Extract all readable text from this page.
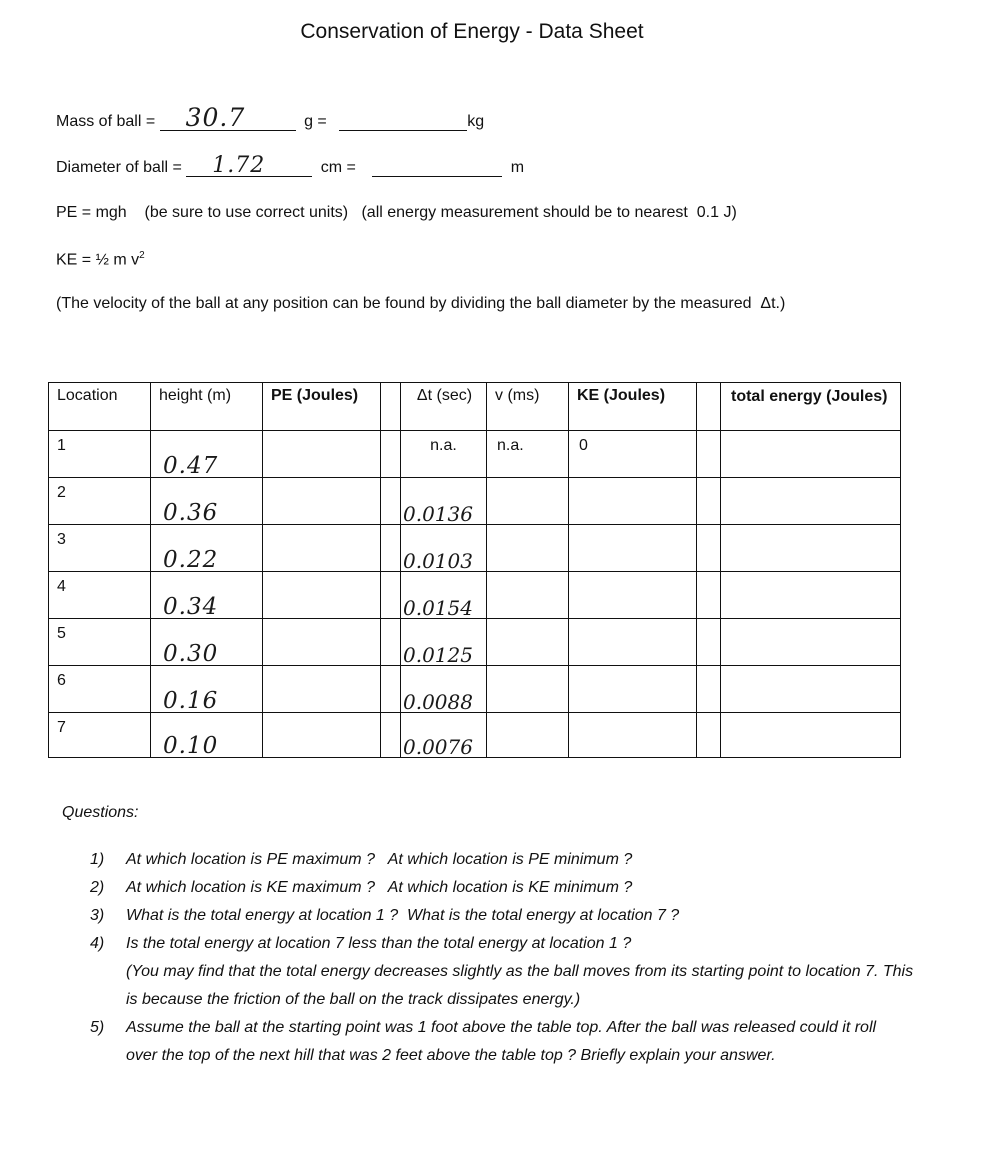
Conservation of Energy - Data Sheet
Mass of ball = 30.7	g =	kg
Diameter of ball = 1.72	cm =	m
PE = mgh    (be sure to use correct units)   (all energy measurement should be to nearest  0.1 J)
KE = ½ m $v^2$
(The velocity of the ball at any position can be found by dividing the ball diameter by the measured  Δt.)
Location	height (m)	PE (Joules)		Δt (sec)	v (ms)	KE (Joules)		total energy (Joules)
1	0.47			n.a.	n.a.	0		

2	0.36			0.0136				

3	0.22			0.0103				

4	0.34			0.0154				

5	0.30			0.0125				

6	0.16			0.0088				

7	0.10			0.0076				

Questions:
1) At which location is PE maximum ?   At which location is PE minimum ?
2) At which location is KE maximum ?   At which location is KE minimum ?
3) What is the total energy at location 1 ?  What is the total energy at location 7 ?
4) Is the total energy at location 7 less than the total energy at location 1 ?
(You may find that the total energy decreases slightly as the ball moves from its starting point to location 7. This is because the friction of the ball on the track dissipates energy.)
5) Assume the ball at the starting point was 1 foot above the table top. After the ball was released could it roll over the top of the next hill that was 2 feet above the table top ? Briefly explain your answer.
